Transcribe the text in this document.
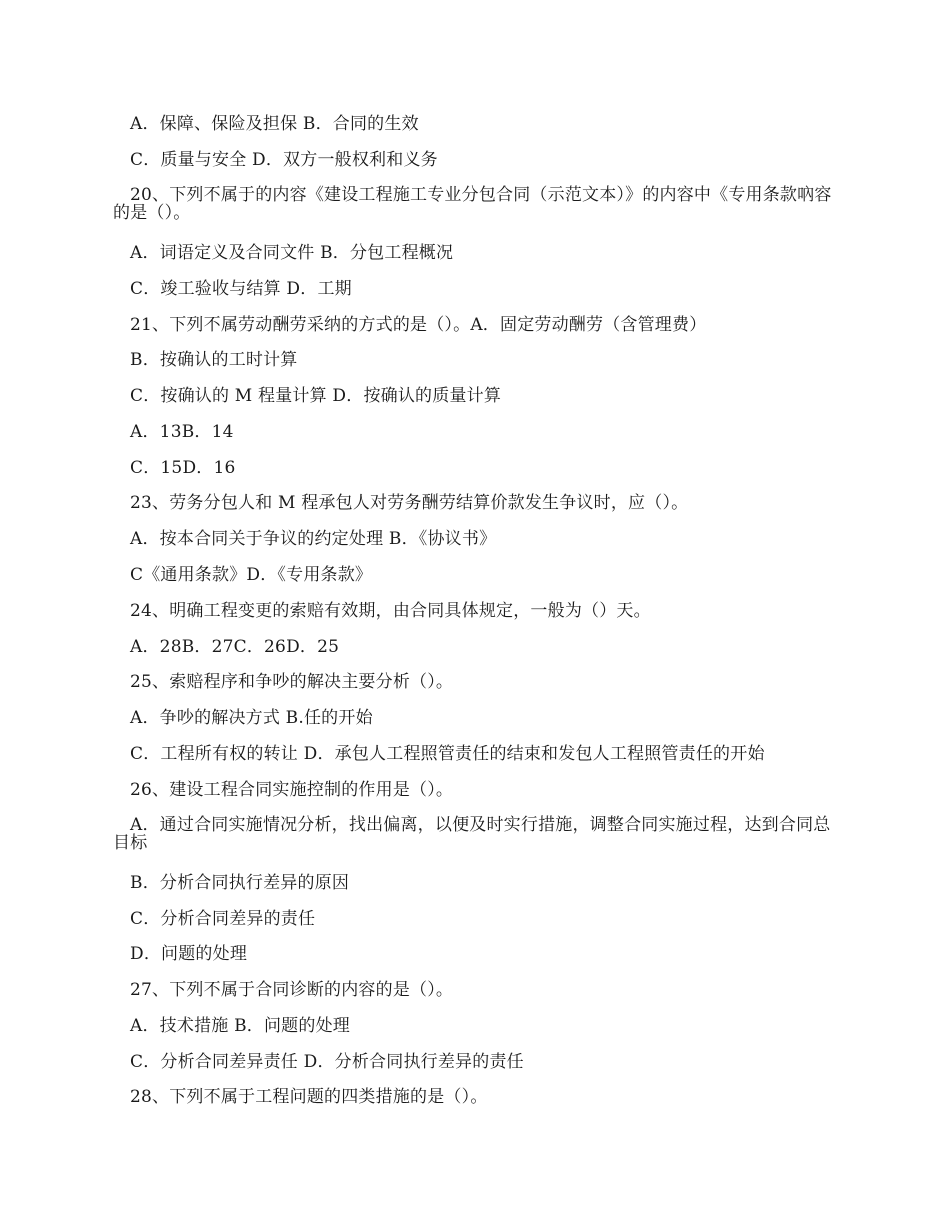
A．保障、保险及担保 B．合同的生效
C．质量与安全 D．双方一般权利和义务
20、下列不属于的内容《建设工程施工专业分包合同（示范文本）》的内容中《专用条款吶容的是（）。
A．词语定义及合同文件 B．分包工程概况
C．竣工验收与结算 D．工期
21、下列不属劳动酬劳采纳的方式的是（）。A．固定劳动酬劳（含管理费）
B．按确认的工时计算
C．按确认的 M 程量计算 D．按确认的质量计算
A．13B．14
C．15D．16
23、劳务分包人和 M 程承包人对劳务酬劳结算价款发生争议时，应（）。
A．按本合同关于争议的约定处理 B．《协议书》
C《通用条款》D．《专用条款》
24、明确工程变更的索赔有效期，由合同具体规定，一般为（）天。
A．28B．27C．26D．25
25、索赔程序和争吵的解决主要分析（）。
A．争吵的解决方式 B.任的开始
C．工程所有权的转让 D．承包人工程照管责任的结束和发包人工程照管责任的开始
26、建设工程合同实施控制的作用是（）。
A．通过合同实施情况分析，找出偏离，以便及时实行措施，调整合同实施过程，达到合同总目标
B．分析合同执行差异的原因
C．分析合同差异的责任
D．问题的处理
27、下列不属于合同诊断的内容的是（）。
A．技术措施 B．问题的处理
C．分析合同差异责任 D．分析合同执行差异的责任
28、下列不属于工程问题的四类措施的是（）。
